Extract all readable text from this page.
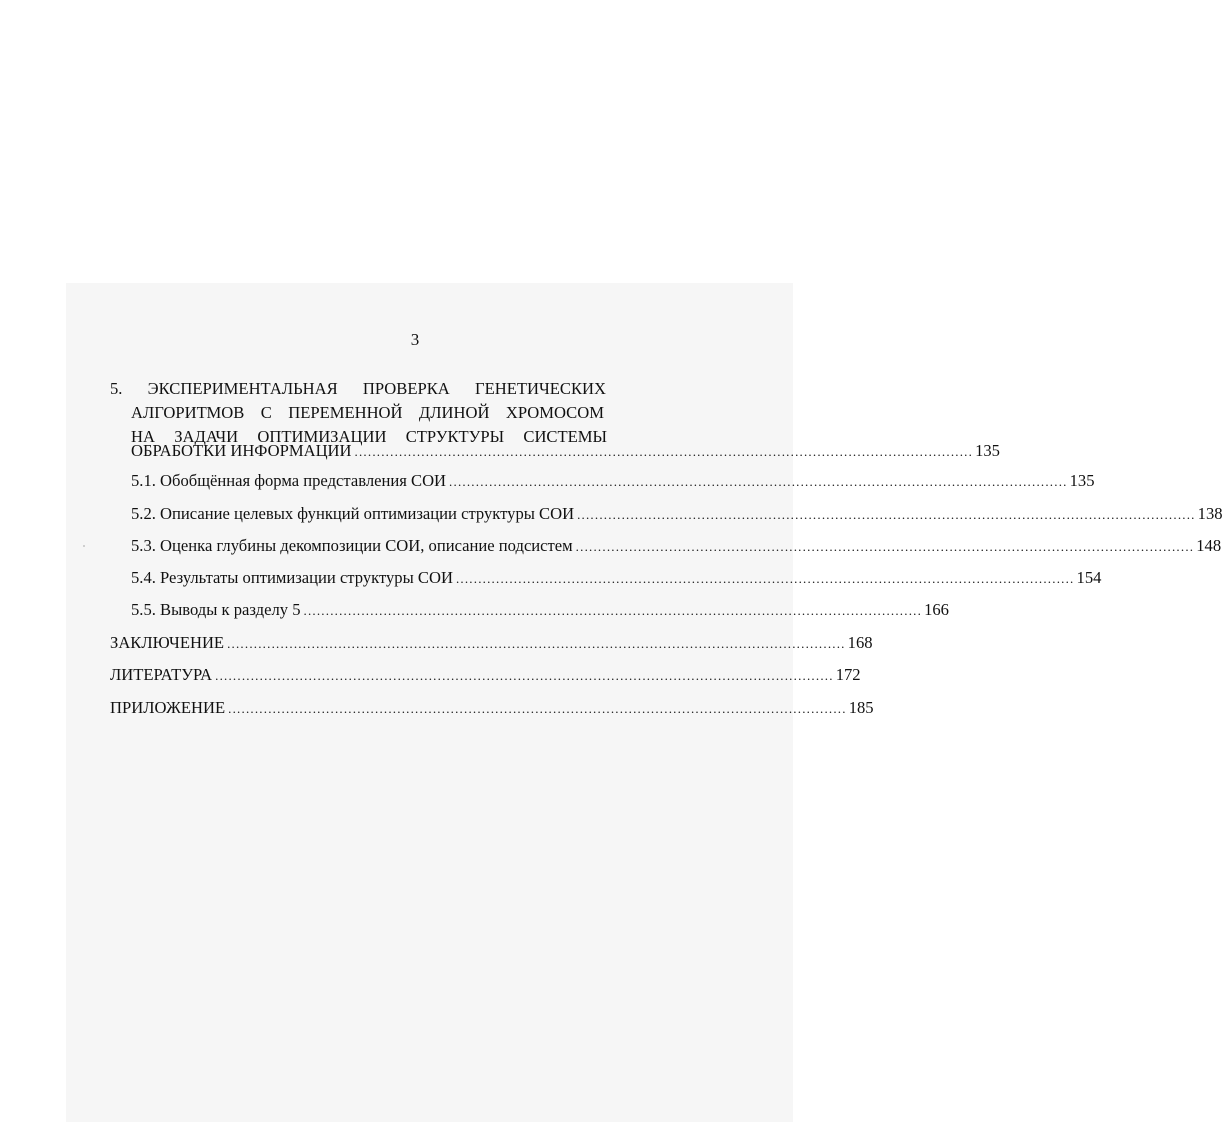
3
5. ЭКСПЕРИМЕНТАЛЬНАЯ ПРОВЕРКА ГЕНЕТИЧЕСКИХ
АЛГОРИТМОВ С ПЕРЕМЕННОЙ ДЛИНОЙ ХРОМОСОМ
НА ЗАДАЧИ ОПТИМИЗАЦИИ СТРУКТУРЫ СИСТЕМЫ
ОБРАБОТКИ ИНФОРМАЦИИ ........................................................................................................................................... 135
5.1. Обобщённая форма представления СОИ ........................................................................................................................................... 135
5.2. Описание целевых функций оптимизации структуры СОИ ........................................................................................................................................... 138
5.3. Оценка глубины декомпозиции СОИ, описание подсистем ........................................................................................................................................... 148
5.4. Результаты оптимизации структуры СОИ ........................................................................................................................................... 154
5.5. Выводы к разделу 5 ........................................................................................................................................... 166
ЗАКЛЮЧЕНИЕ ........................................................................................................................................... 168
ЛИТЕРАТУРА ........................................................................................................................................... 172
ПРИЛОЖЕНИЕ ........................................................................................................................................... 185
